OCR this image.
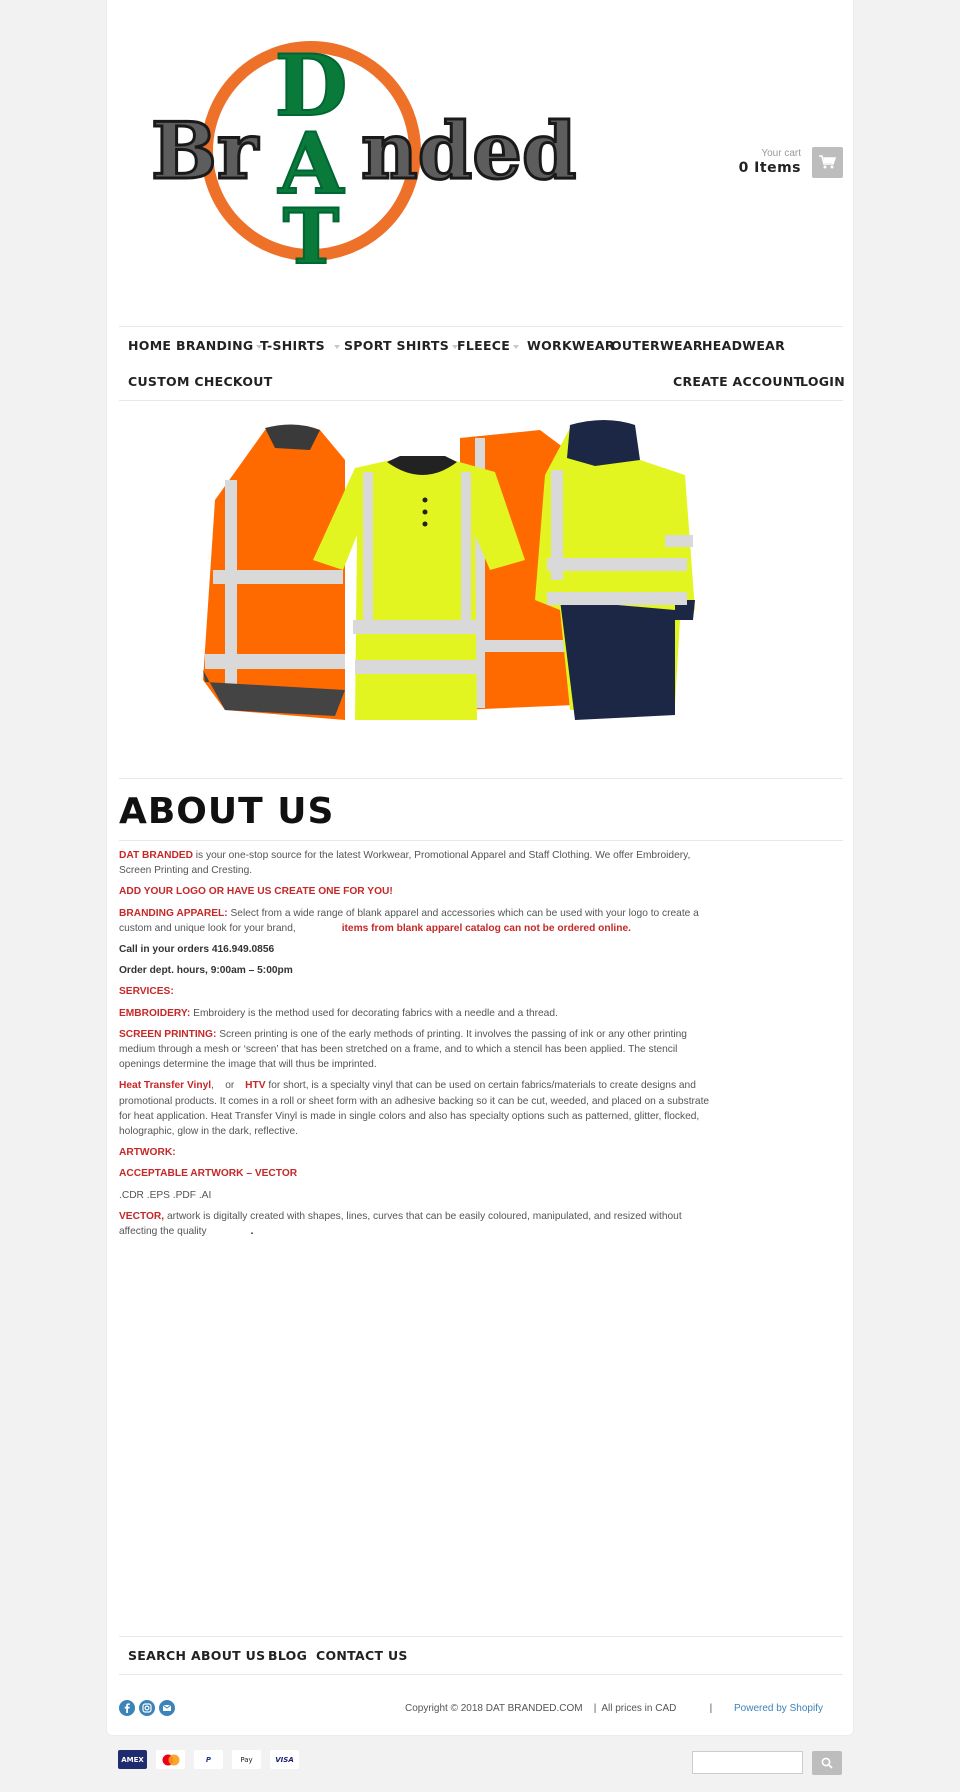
Br nded
D
A
T
Your cart
0 Items
HOME BRANDING T-SHIRTS	SPORT SHIRTS FLEECE	WORKWEAR
OUTERWEAR HEADWEAR
CUSTOM CHECKOUT	CREATE ACCOUNT
LOGIN
ABOUT US

DAT BRANDED is your one-stop source for the latest Workwear, Promotional Apparel and Staff Clothing. We offer Embroidery, Screen Printing and Cresting.

ADD YOUR LOGO OR HAVE US CREATE ONE FOR YOU!

BRANDING APPAREL: Select from a wide range of blank apparel and accessories which can be used with your logo to create a custom and unique look for your brand,	items from blank apparel catalog can not be ordered online.

Call in your orders 416.949.0856

Order dept. hours, 9:00am – 5:00pm

SERVICES:

EMBROIDERY: Embroidery is the method used for decorating fabrics with a needle and a thread.

SCREEN PRINTING: Screen printing is one of the early methods of printing. It involves the passing of ink or any other printing medium through a mesh or ‘screen’ that has been stretched on a frame, and to which a stencil has been applied. The stencil openings determine the image that will thus be imprinted.

Heat Transfer Vinyl,    or HTV for short, is a specialty vinyl that can be used on certain fabrics/materials to create designs and promotional products. It comes in a roll or sheet form with an adhesive backing so it can be cut, weeded, and placed on a substrate for heat application. Heat Transfer Vinyl is made in single colors and also has specialty options such as patterned, glitter, flocked, holographic, glow in the dark, reflective.

ARTWORK:

ACCEPTABLE ARTWORK – VECTOR

.CDR .EPS .PDF .AI

VECTOR, artwork is digitally created with shapes, lines, curves that can be easily coloured, manipulated, and resized without affecting the quality	.

SEARCH ABOUT US BLOG CONTACT US
Copyright © 2018 DAT BRANDED.COM    |  All prices in CAD            | Powered by Shopify
AMEX	P	Pay	VISA
